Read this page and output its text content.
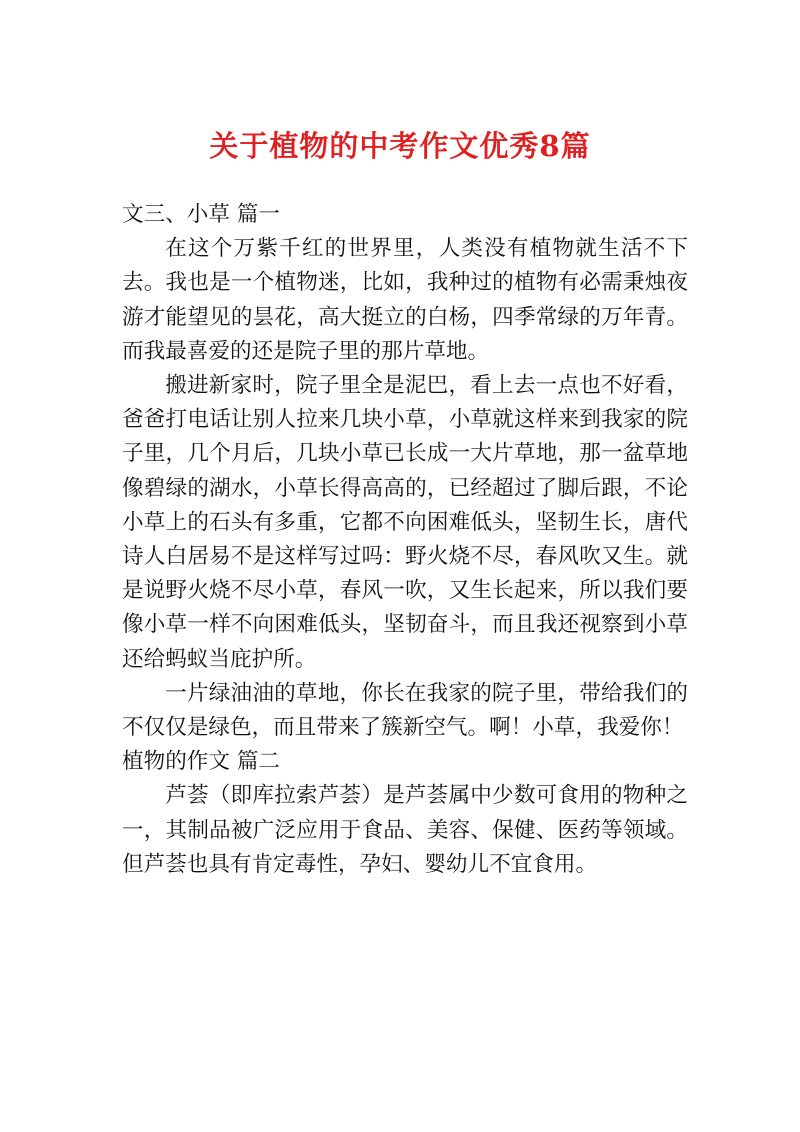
关于植物的中考作文优秀8篇

文三、小草 篇一

在这个万紫千红的世界里，人类没有植物就生活不下去。我也是一个植物迷，比如，我种过的植物有必需秉烛夜游才能望见的昙花，高大挺立的白杨，四季常绿的万年青。而我最喜爱的还是院子里的那片草地。

搬进新家时，院子里全是泥巴，看上去一点也不好看，爸爸打电话让别人拉来几块小草，小草就这样来到我家的院子里，几个月后，几块小草已长成一大片草地，那一盆草地像碧绿的湖水，小草长得高高的，已经超过了脚后跟，不论小草上的石头有多重，它都不向困难低头，坚韧生长，唐代诗人白居易不是这样写过吗：野火烧不尽，春风吹又生。就是说野火烧不尽小草，春风一吹，又生长起来，所以我们要像小草一样不向困难低头，坚韧奋斗，而且我还视察到小草还给蚂蚁当庇护所。

一片绿油油的草地，你长在我家的院子里，带给我们的不仅仅是绿色，而且带来了簇新空气。啊！小草，我爱你！

植物的作文 篇二

芦荟（即库拉索芦荟）是芦荟属中少数可食用的物种之一，其制品被广泛应用于食品、美容、保健、医药等领域。但芦荟也具有肯定毒性，孕妇、婴幼儿不宜食用。
